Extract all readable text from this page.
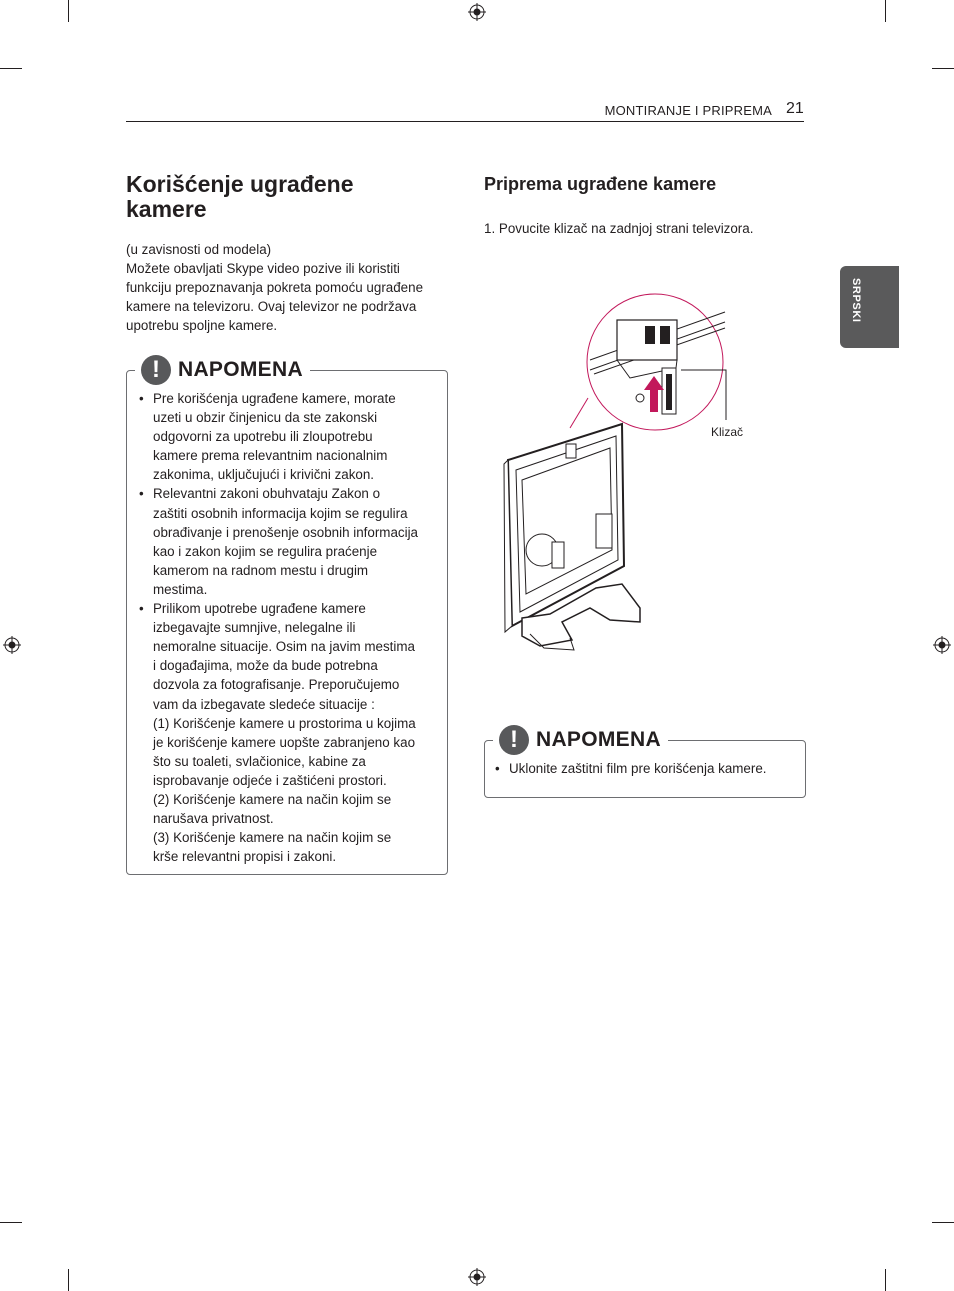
MONTIRANJE I PRIPREMA 21
SRPSKI
Korišćenje ugrađene kamere

(u zavisnosti od modela)

Možete obavljati Skype video pozive ili koristiti

funkciju prepoznavanja pokreta pomoću ugrađene

kamere na televizoru. Ovaj televizor ne podržava

upotrebu spoljne kamere.

! NAPOMENA
• Pre korišćenja ugrađene kamere, morate
uzeti u obzir činjenicu da ste zakonski
odgovorni za upotrebu ili zloupotrebu
kamere prema relevantnim nacionalnim
zakonima, uključujući i krivični zakon.
• Relevantni zakoni obuhvataju Zakon o
zaštiti osobnih informacija kojim se regulira
obrađivanje i prenošenje osobnih informacija
kao i zakon kojim se regulira praćenje
kamerom na radnom mestu i drugim
mestima.
• Prilikom upotrebe ugrađene kamere
izbegavajte sumnjive, nelegalne ili
nemoralne situacije. Osim na javim mestima
i događajima, može da bude potrebna
dozvola za fotografisanje. Preporučujemo
vam da izbegavate sledeće situacije :
(1) Korišćenje kamere u prostorima u kojima
je korišćenje kamere uopšte zabranjeno kao
što su toaleti, svlačionice, kabine za
isprobavanje odjeće i zaštićeni prostori.
(2) Korišćenje kamere na način kojim se
narušava privatnost.
(3) Korišćenje kamere na način kojim se
krše relevantni propisi i zakoni.
Priprema ugrađene kamere
1. Povucite klizač na zadnjoj strani televizora.
Klizač
! NAPOMENA
• Uklonite zaštitni film pre korišćenja kamere.
